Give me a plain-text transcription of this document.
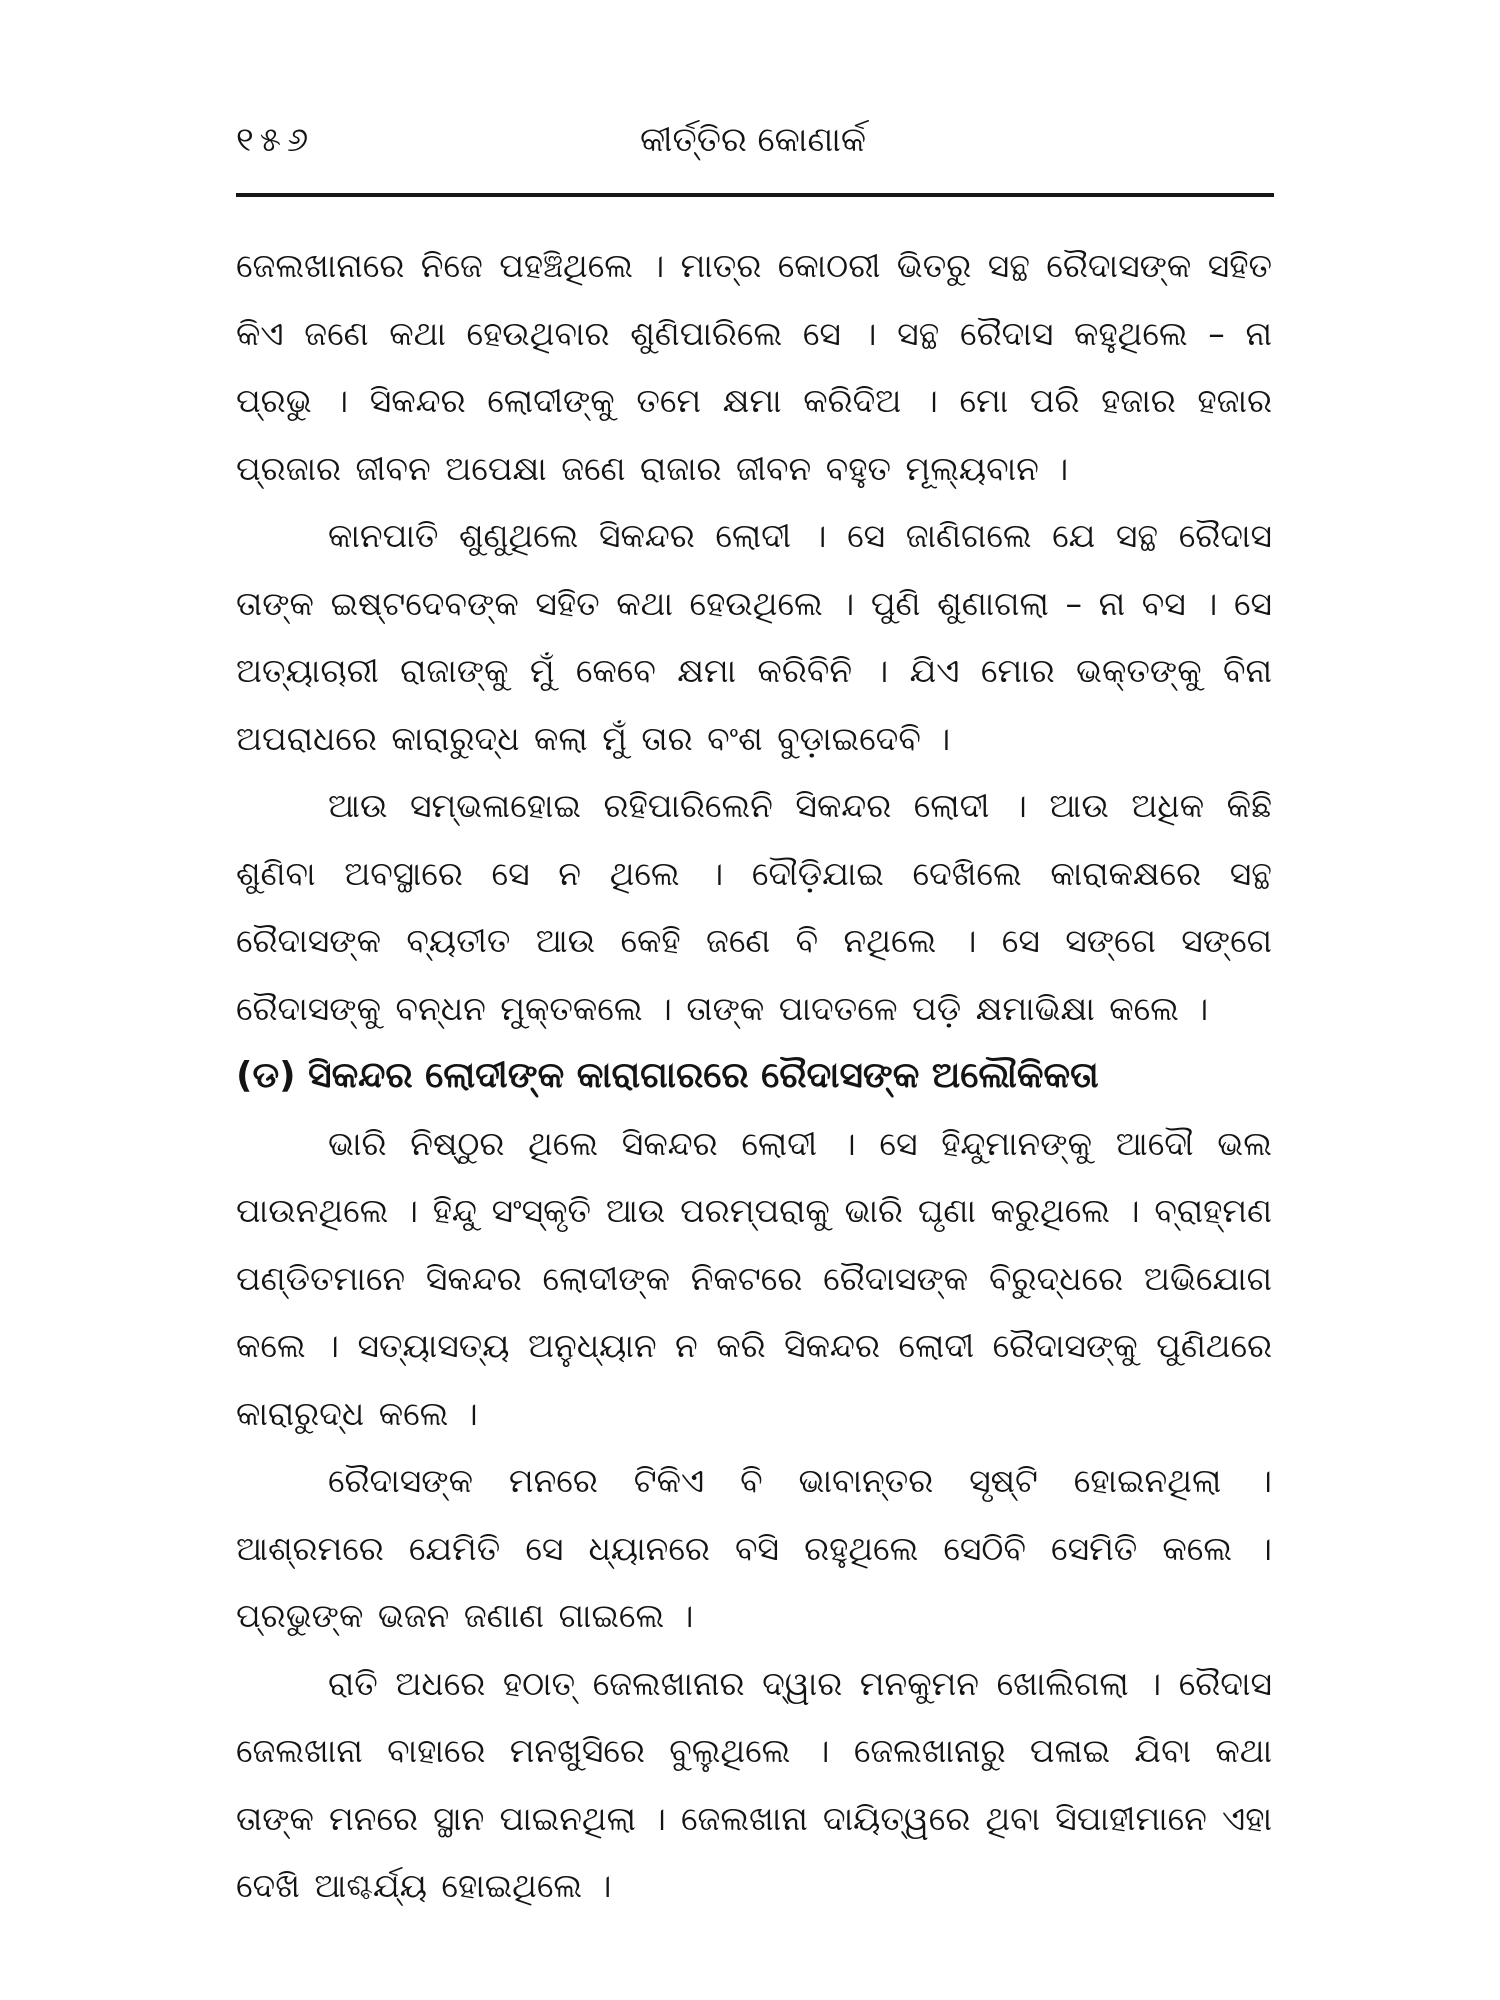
୧୫୬	କୀର୍ତ୍ତିର କୋଣାର୍କ

ଜେଲଖାନାରେ ନିଜେ ପହଞ୍ଚିଥିଲେ । ମାତ୍ର କୋଠରୀ ଭିତରୁ ସନ୍ଥ ରୈଦାସଙ୍କ ସହିତ କିଏ ଜଣେ କଥା ହେଉଥିବାର ଶୁଣିପାରିଲେ ସେ । ସନ୍ଥ ରୈଦାସ କହୁଥିଲେ – ନା ପ୍ରଭୁ । ସିକନ୍ଦର ଲୋଦୀଙ୍କୁ ତମେ କ୍ଷମା କରିଦିଅ । ମୋ ପରି ହଜାର ହଜାର ପ୍ରଜାର ଜୀବନ ଅପେକ୍ଷା ଜଣେ ରାଜାର ଜୀବନ ବହୁତ ମୂଲ୍ୟବାନ ।

କାନପାତି ଶୁଣୁଥିଲେ ସିକନ୍ଦର ଲୋଦୀ । ସେ ଜାଣିଗଲେ ଯେ ସନ୍ଥ ରୈଦାସ ତାଙ୍କ ଇଷ୍ଟଦେବଙ୍କ ସହିତ କଥା ହେଉଥିଲେ । ପୁଣି ଶୁଣାଗଲା – ନା ବସ । ସେ ଅତ୍ୟାଚାରୀ ରାଜାଙ୍କୁ ମୁଁ କେବେ କ୍ଷମା କରିବିନି । ଯିଏ ମୋର ଭକ୍ତଙ୍କୁ ବିନା ଅପରାଧରେ କାରାରୁଦ୍ଧ କଲା ମୁଁ ତାର ବଂଶ ବୁଡ଼ାଇଦେବି ।

ଆଉ ସମ୍ଭଳାହୋଇ ରହିପାରିଲେନି ସିକନ୍ଦର ଲୋଦୀ । ଆଉ ଅଧିକ କିଛି ଶୁଣିବା ଅବସ୍ଥାରେ ସେ ନ ଥିଲେ । ଦୌଡ଼ିଯାଇ ଦେଖିଲେ କାରାକକ୍ଷରେ ସନ୍ଥ ରୈଦାସଙ୍କ ବ୍ୟତୀତ ଆଉ କେହି ଜଣେ ବି ନଥିଲେ । ସେ ସଙ୍ଗେ ସଙ୍ଗେ ରୈଦାସଙ୍କୁ ବନ୍ଧନ ମୁକ୍ତକଲେ । ତାଙ୍କ ପାଦତଳେ ପଡ଼ି କ୍ଷମାଭିକ୍ଷା କଲେ ।

(ଡ) ସିକନ୍ଦର ଲୋଦୀଙ୍କ କାରାଗାରରେ ରୈଦାସଙ୍କ ଅଲୌକିକତା

ଭାରି ନିଷ୍ଠୁର ଥିଲେ ସିକନ୍ଦର ଲୋଦୀ । ସେ ହିନ୍ଦୁମାନଙ୍କୁ ଆଦୌ ଭଲ ପାଉନଥିଲେ । ହିନ୍ଦୁ ସଂସ୍କୃତି ଆଉ ପରମ୍ପରାକୁ ଭାରି ଘୃଣା କରୁଥିଲେ । ବ୍ରାହ୍ମଣ ପଣ୍ଡିତମାନେ ସିକନ୍ଦର ଲୋଦୀଙ୍କ ନିକଟରେ ରୈଦାସଙ୍କ ବିରୁଦ୍ଧରେ ଅଭିଯୋଗ କଲେ । ସତ୍ୟାସତ୍ୟ ଅନୁଧ୍ୟାନ ନ କରି ସିକନ୍ଦର ଲୋଦୀ ରୈଦାସଙ୍କୁ ପୁଣିଥରେ କାରାରୁଦ୍ଧ କଲେ ।

ରୈଦାସଙ୍କ ମନରେ ଟିକିଏ ବି ଭାବାନ୍ତର ସୃଷ୍ଟି ହୋଇନଥିଲା । ଆଶ୍ରମରେ ଯେମିତି ସେ ଧ୍ୟାନରେ ବସି ରହୁଥିଲେ ସେଠିବି ସେମିତି କଲେ । ପ୍ରଭୁଙ୍କ ଭଜନ ଜଣାଣ ଗାଇଲେ ।

ରାତି ଅଧରେ ହଠାତ୍ ଜେଲଖାନାର ଦ୍ୱାର ମନକୁମନ ଖୋଲିଗଲା । ରୈଦାସ ଜେଲଖାନା ବାହାରେ ମନଖୁସିରେ ବୁଲୁଥିଲେ । ଜେଲଖାନାରୁ ପଳାଇ ଯିବା କଥା ତାଙ୍କ ମନରେ ସ୍ଥାନ ପାଇନଥିଲା । ଜେଲଖାନା ଦାୟିତ୍ୱରେ ଥିବା ସିପାହୀମାନେ ଏହା ଦେଖି ଆଶ୍ଚର୍ଯ୍ୟ ହୋଇଥିଲେ ।
